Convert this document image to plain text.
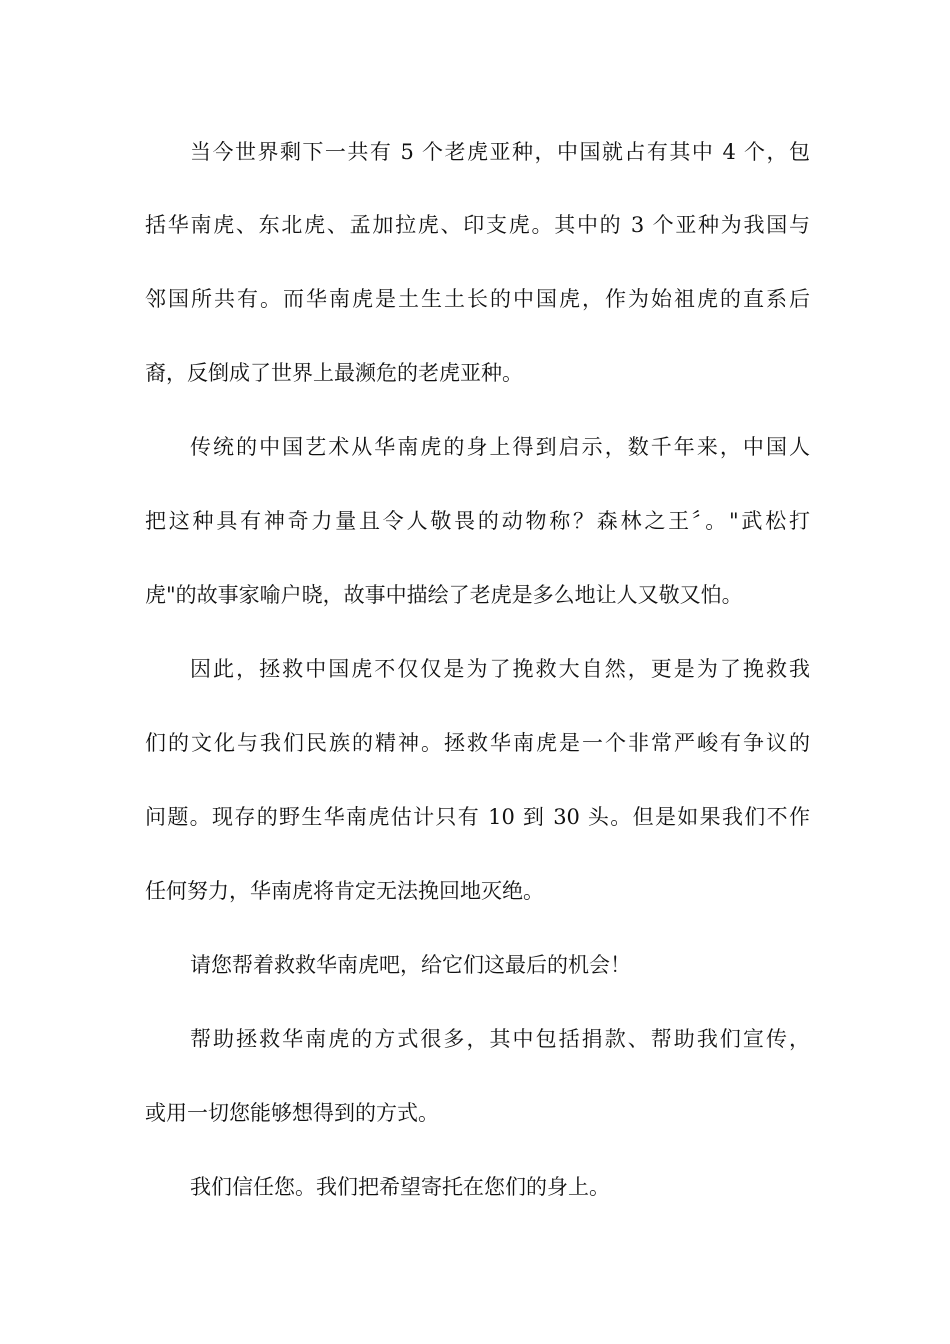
当今世界剩下一共有 5 个老虎亚种，中国就占有其中 4 个，包
括华南虎、东北虎、孟加拉虎、印支虎。其中的 3 个亚种为我国与
邻国所共有。而华南虎是土生土长的中国虎，作为始祖虎的直系后
裔，反倒成了世界上最濒危的老虎亚种。
传统的中国艺术从华南虎的身上得到启示，数千年来，中国人
把这种具有神奇力量且令人敬畏的动物称？森林之王〞。"武松打
虎"的故事家喻户晓，故事中描绘了老虎是多么地让人又敬又怕。
因此，拯救中国虎不仅仅是为了挽救大自然，更是为了挽救我
们的文化与我们民族的精神。拯救华南虎是一个非常严峻有争议的
问题。现存的野生华南虎估计只有 10 到 30 头。但是如果我们不作
任何努力，华南虎将肯定无法挽回地灭绝。
请您帮着救救华南虎吧，给它们这最后的机会！
帮助拯救华南虎的方式很多，其中包括捐款、帮助我们宣传，
或用一切您能够想得到的方式。
我们信任您。我们把希望寄托在您们的身上。
